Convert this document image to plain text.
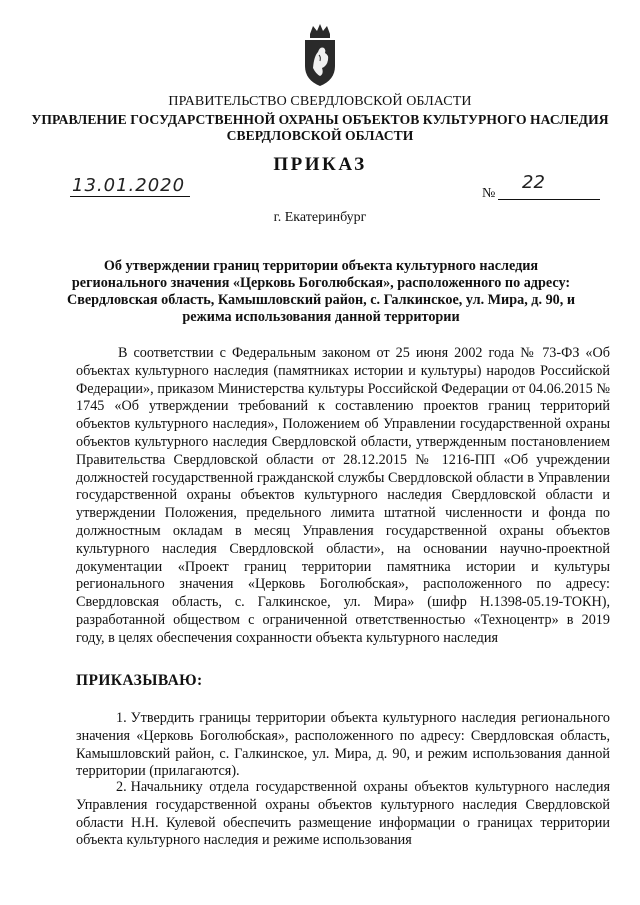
ПРАВИТЕЛЬСТВО СВЕРДЛОВСКОЙ ОБЛАСТИ
УПРАВЛЕНИЕ ГОСУДАРСТВЕННОЙ ОХРАНЫ ОБЪЕКТОВ КУЛЬТУРНОГО НАСЛЕДИЯ
СВЕРДЛОВСКОЙ ОБЛАСТИ
ПРИКАЗ
13.01.2020	№
22
г. Екатеринбург
Об утверждении границ территории объекта культурного наследия регионального значения «Церковь Боголюбская», расположенного по адресу: Свердловская область, Камышловский район, с. Галкинское, ул. Мира, д. 90, и режима использования данной территории
В соответствии с Федеральным законом от 25 июня 2002 года № 73-ФЗ «Об объектах культурного наследия (памятниках истории и культуры) народов Российской Федерации», приказом Министерства культуры Российской Федерации от 04.06.2015 № 1745 «Об утверждении требований к составлению проектов границ территорий объектов культурного наследия», Положением об Управлении государственной охраны объектов культурного наследия Свердловской области, утвержденным постановлением Правительства Свердловской области от 28.12.2015 № 1216-ПП «Об учреждении должностей государственной гражданской службы Свердловской области в Управлении государственной охраны объектов культурного наследия Свердловской области и утверждении Положения, предельного лимита штатной численности и фонда по должностным окладам в месяц Управления государственной охраны объектов культурного наследия Свердловской области», на основании научно-проектной документации «Проект границ территории памятника истории и культуры регионального значения «Церковь Боголюбская», расположенного по адресу: Свердловская область, с. Галкинское, ул. Мира» (шифр Н.1398-05.19-ТОКН), разработанной обществом с ограниченной ответственностью «Техноцентр» в 2019 году, в целях обеспечения сохранности объекта культурного наследия
ПРИКАЗЫВАЮ:
1. Утвердить границы территории объекта культурного наследия регионального значения «Церковь Боголюбская», расположенного по адресу: Свердловская область, Камышловский район, с. Галкинское, ул. Мира, д. 90, и режим использования данной территории (прилагаются).
2. Начальнику отдела государственной охраны объектов культурного наследия Управления государственной охраны объектов культурного наследия Свердловской области Н.Н. Кулевой обеспечить размещение информации о границах территории объекта культурного наследия и режиме использования
